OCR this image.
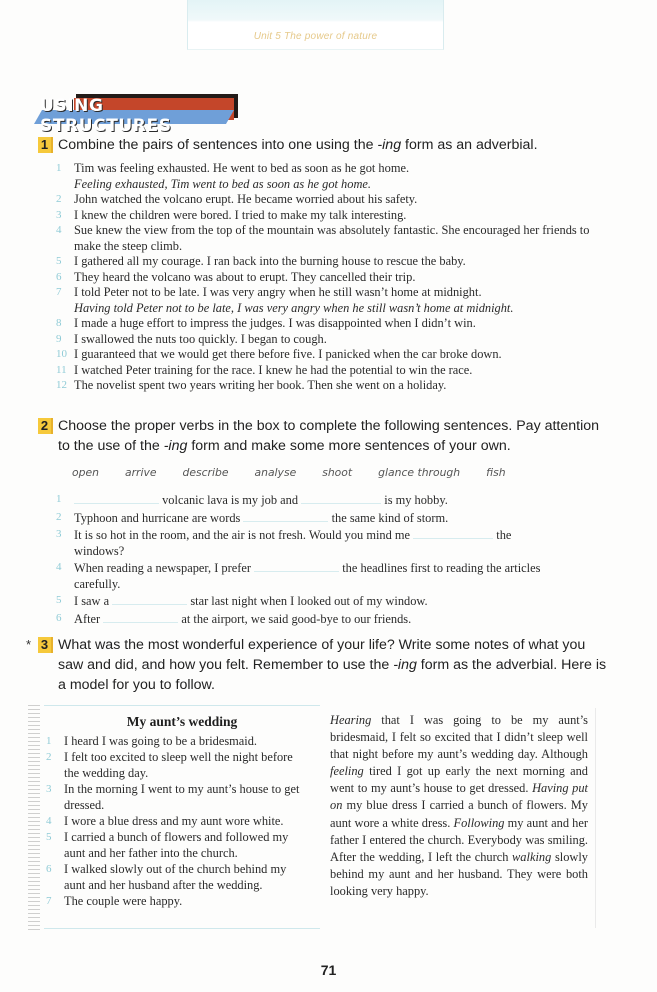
Unit 5 The power of nature
USING STRUCTURES
1 Combine the pairs of sentences into one using the -ing form as an adverbial.
1	Tim was feeling exhausted. He went to bed as soon as he got home.
Feeling exhausted, Tim went to bed as soon as he got home.
2	John watched the volcano erupt. He became worried about his safety.
3	I knew the children were bored. I tried to make my talk interesting.
4	Sue knew the view from the top of the mountain was absolutely fantastic. She encouraged her friends to make the steep climb.
5	I gathered all my courage. I ran back into the burning house to rescue the baby.
6	They heard the volcano was about to erupt. They cancelled their trip.
7	I told Peter not to be late. I was very angry when he still wasn’t home at midnight.
Having told Peter not to be late, I was very angry when he still wasn’t home at midnight.
8	I made a huge effort to impress the judges. I was disappointed when I didn’t win.
9	I swallowed the nuts too quickly. I began to cough.
10 I guaranteed that we would get there before five. I panicked when the car broke down.
11 I watched Peter training for the race. I knew he had the potential to win the race.
12 The novelist spent two years writing her book. Then she went on a holiday.
2 Choose the proper verbs in the box to complete the following sentences. Pay attention
to the use of the -ing form and make some more sentences of your own.
open arrive describe analyse shoot glance through fish
1	volcanic lava is my job and	is my hobby.
2	Typhoon and hurricane are words	the same kind of storm.
3	It is so hot in the room, and the air is not fresh. Would you mind me	the
windows?
4	When reading a newspaper, I prefer	the headlines first to reading the articles
carefully.
5	I saw a	star last night when I looked out of my window.
6	After	at the airport, we said good-bye to our friends.
* 3 What was the most wonderful experience of your life? Write some notes of what you
saw and did, and how you felt. Remember to use the -ing form as the adverbial. Here is
a model for you to follow.
My aunt’s wedding
1	I heard I was going to be a bridesmaid.
2	I felt too excited to sleep well the night before the wedding day.
3	In the morning I went to my aunt’s house to get dressed.
4	I wore a blue dress and my aunt wore white.
5	I carried a bunch of flowers and followed my aunt and her father into the church.
6	I walked slowly out of the church behind my aunt and her husband after the wedding.
7	The couple were happy.
Hearing that I was going to be my aunt’s bridesmaid, I felt so excited that I didn’t sleep well that night before my aunt’s wedding day. Although feeling tired I got up early the next morning and went to my aunt’s house to get dressed. Having put on my blue dress I carried a bunch of flowers. My aunt wore a white dress. Following my aunt and her father I entered the church. Everybody was smiling. After the wedding, I left the church walking slowly behind my aunt and her husband. They were both looking very happy.
71
